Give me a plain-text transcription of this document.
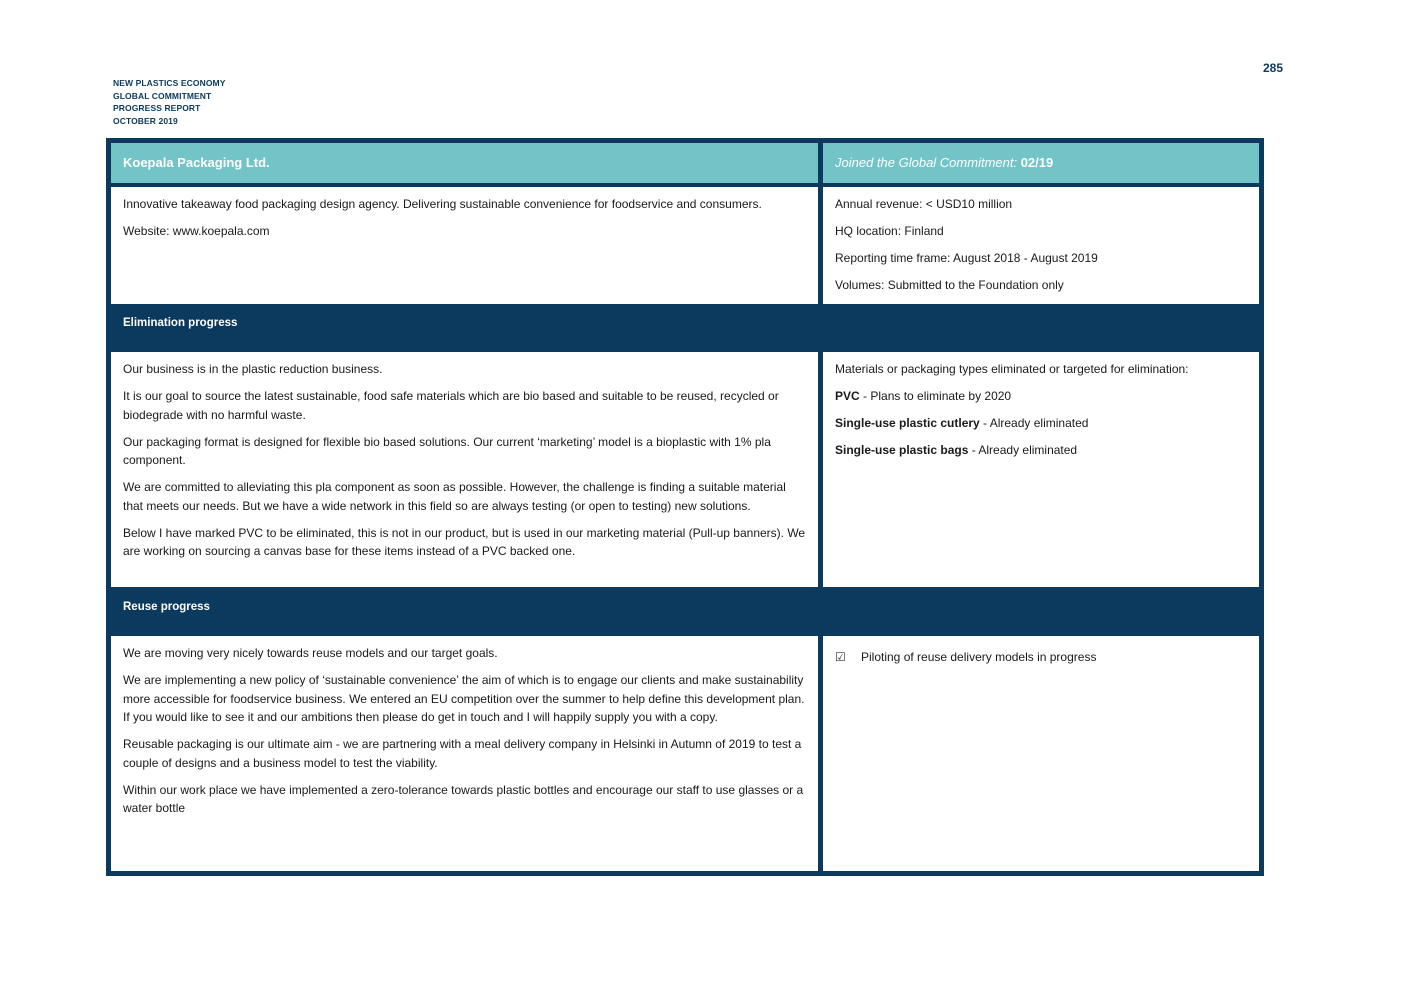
NEW PLASTICS ECONOMY
GLOBAL COMMITMENT
PROGRESS REPORT
OCTOBER 2019
285
Koepala Packaging Ltd.	Joined the Global Commitment: 02/19

Innovative takeaway food packaging design agency. Delivering sustainable convenience for foodservice and consumers.

Website: www.koepala.com

Annual revenue: < USD10 million

HQ location: Finland

Reporting time frame: August 2018 - August 2019

Volumes: Submitted to the Foundation only

Elimination progress

Our business is in the plastic reduction business.

It is our goal to source the latest sustainable, food safe materials which are bio based and suitable to be reused, recycled or biodegrade with no harmful waste.

Our packaging format is designed for flexible bio based solutions. Our current ‘marketing’ model is a bioplastic with 1% pla component.

We are committed to alleviating this pla component as soon as possible. However, the challenge is finding a suitable material that meets our needs. But we have a wide network in this field so are always testing (or open to testing) new solutions.

Below I have marked PVC to be eliminated, this is not in our product, but is used in our marketing material (Pull-up banners). We are working on sourcing a canvas base for these items instead of a PVC backed one.

Materials or packaging types eliminated or targeted for elimination:

PVC - Plans to eliminate by 2020

Single-use plastic cutlery - Already eliminated

Single-use plastic bags - Already eliminated

Reuse progress

We are moving very nicely towards reuse models and our target goals.

We are implementing a new policy of ‘sustainable convenience’ the aim of which is to engage our clients and make sustainability more accessible for foodservice business. We entered an EU competition over the summer to help define this development plan. If you would like to see it and our ambitions then please do get in touch and I will happily supply you with a copy.

Reusable packaging is our ultimate aim - we are partnering with a meal delivery company in Helsinki in Autumn of 2019 to test a couple of designs and a business model to test the viability.

Within our work place we have implemented a zero-tolerance towards plastic bottles and encourage our staff to use glasses or a water bottle

☑	Piloting of reuse delivery models in progress
